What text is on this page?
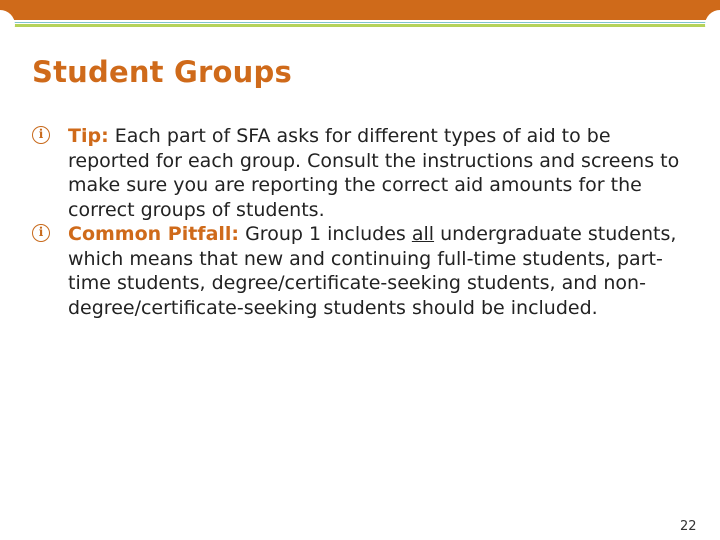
Student Groups
i	Tip: Each part of SFA asks for different types of aid to be reported for each group. Consult the instructions and screens to make sure you are reporting the correct aid amounts for the correct groups of students.
i	Common Pitfall: Group 1 includes all undergraduate students, which means that new and continuing full-time students, part-time students, degree/certificate-seeking students, and non-degree/certificate-seeking students should be included.
22
